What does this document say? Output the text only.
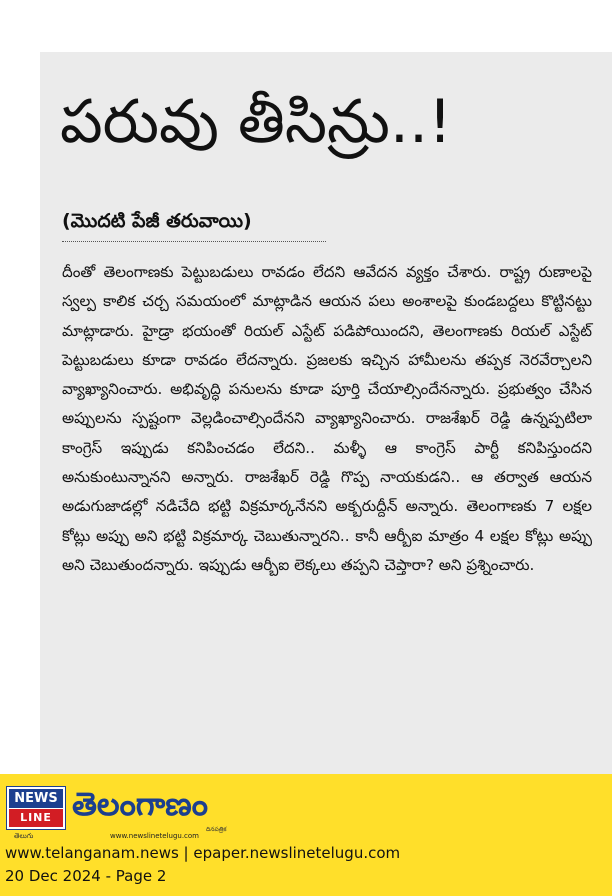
పరువు తీసిన్రు..!
(మొదటి పేజీ తరువాయి)

దీంతో తెలంగాణకు పెట్టుబడులు రావడం లేదని ఆవేదన వ్యక్తం చేశారు. రాష్ట్ర రుణాలపై స్వల్ప కాలిక చర్చ సమయంలో మాట్లాడిన ఆయన పలు అంశాలపై కుండబద్దలు కొట్టినట్టు మాట్లాడారు. హైడ్రా భయంతో రియల్ ఎస్టేట్ పడిపోయిందని, తెలంగాణకు రియల్ ఎస్టేట్ పెట్టుబడులు కూడా రావడం లేదన్నారు. ప్రజలకు ఇచ్చిన హామీలను తప్పక నెరవేర్చాలని వ్యాఖ్యానించారు. అభివృద్ధి పనులను కూడా పూర్తి చేయాల్సిందేనన్నారు. ప్రభుత్వం చేసిన అప్పులను స్పష్టంగా వెల్లడించాల్సిందేనని వ్యాఖ్యానించారు. రాజశేఖర్ రెడ్డి ఉన్నప్పటిలా కాంగ్రెస్ ఇప్పుడు కనిపించడం లేదని.. మళ్ళీ ఆ కాంగ్రెస్ పార్టీ కనిపిస్తుందని అనుకుంటున్నానని అన్నారు. రాజశేఖర్ రెడ్డి గొప్ప నాయకుడని.. ఆ తర్వాత ఆయన అడుగుజాడల్లో నడిచేది భట్టి విక్రమార్కనేనని అక్బరుద్దీన్ అన్నారు. తెలంగాణకు 7 లక్షల కోట్లు అప్పు అని భట్టి విక్రమార్క చెబుతున్నారని.. కానీ ఆర్బీఐ మాత్రం 4 లక్షల కోట్లు అప్పు అని చెబుతుందన్నారు. ఇప్పుడు ఆర్బీఐ లెక్కలు తప్పని చెప్తారా? అని ప్రశ్నించారు.

NEWS
LINE
తెలుగు
తెలంగాణం
దినపత్రిక
www.newslinetelugu.com
www.telanganam.news | epaper.newslinetelugu.com
20 Dec 2024 - Page 2
